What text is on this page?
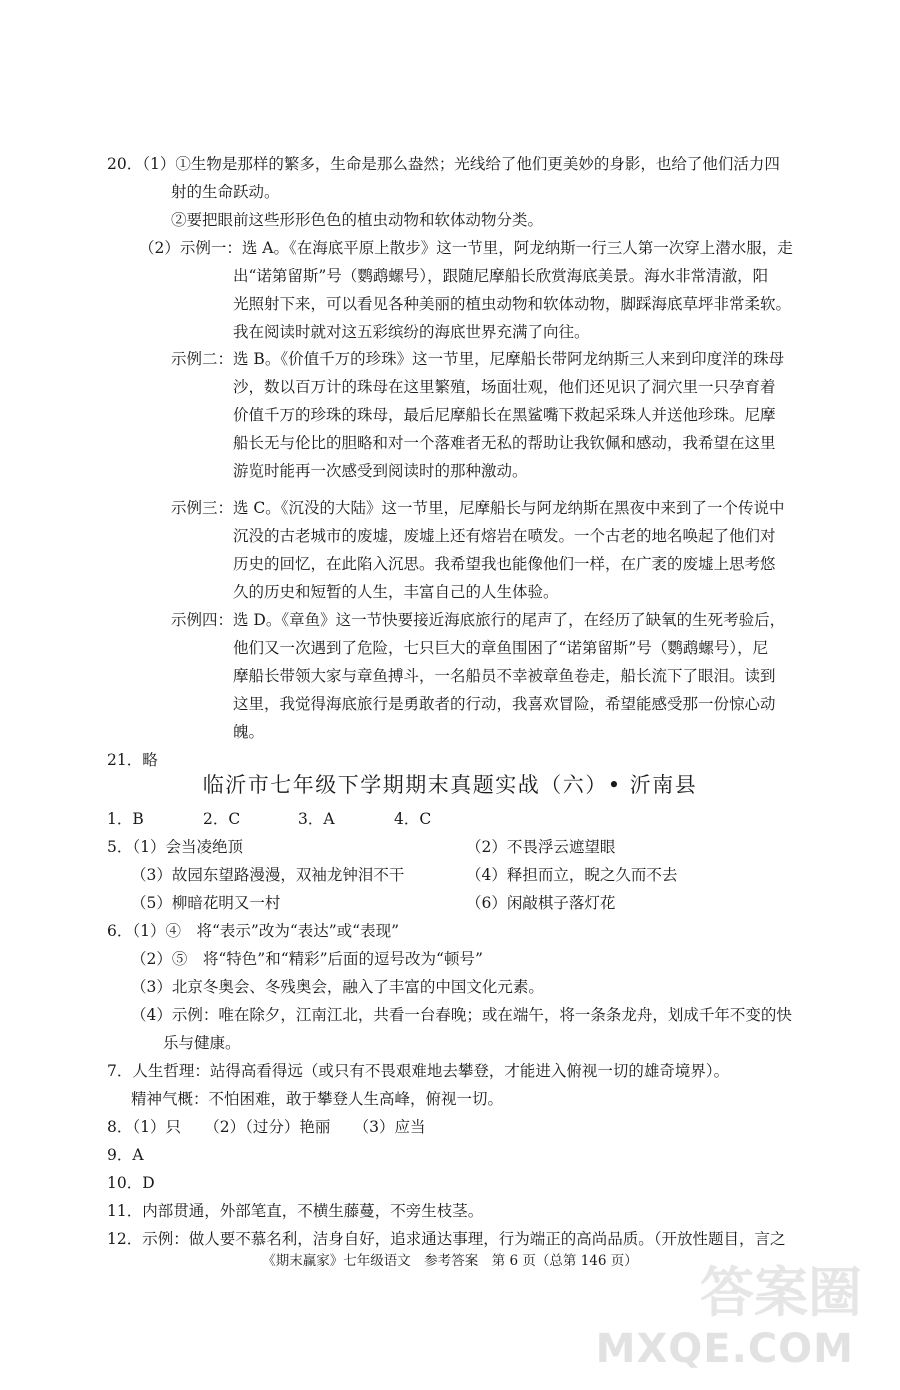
20．（1）①生物是那样的繁多，生命是那么盎然；光线给了他们更美妙的身影，也给了他们活力四
射的生命跃动。
②要把眼前这些形形色色的植虫动物和软体动物分类。
（2）示例一：选 A。《在海底平原上散步》这一节里，阿龙纳斯一行三人第一次穿上潜水服，走
出“诺第留斯”号（鹦鹉螺号），跟随尼摩船长欣赏海底美景。海水非常清澈，阳
光照射下来，可以看见各种美丽的植虫动物和软体动物，脚踩海底草坪非常柔软。
我在阅读时就对这五彩缤纷的海底世界充满了向往。
示例二：选 B。《价值千万的珍珠》这一节里，尼摩船长带阿龙纳斯三人来到印度洋的珠母
沙，数以百万计的珠母在这里繁殖，场面壮观，他们还见识了洞穴里一只孕育着
价值千万的珍珠的珠母，最后尼摩船长在黑鲨嘴下救起采珠人并送他珍珠。尼摩
船长无与伦比的胆略和对一个落难者无私的帮助让我钦佩和感动，我希望在这里
游览时能再一次感受到阅读时的那种激动。
示例三：选 C。《沉没的大陆》这一节里，尼摩船长与阿龙纳斯在黑夜中来到了一个传说中
沉没的古老城市的废墟，废墟上还有熔岩在喷发。一个古老的地名唤起了他们对
历史的回忆，在此陷入沉思。我希望我也能像他们一样，在广袤的废墟上思考悠
久的历史和短暂的人生，丰富自己的人生体验。
示例四：选 D。《章鱼》这一节快要接近海底旅行的尾声了，在经历了缺氧的生死考验后，
他们又一次遇到了危险，七只巨大的章鱼围困了“诺第留斯”号（鹦鹉螺号），尼
摩船长带领大家与章鱼搏斗，一名船员不幸被章鱼卷走，船长流下了眼泪。读到
这里，我觉得海底旅行是勇敢者的行动，我喜欢冒险，希望能感受那一份惊心动
魄。
21．略
临沂市七年级下学期期末真题实战（六）• 沂南县
1．B	2．C	3．A	4．C
5．（1）会当凌绝顶	（2）不畏浮云遮望眼
（3）故园东望路漫漫，双袖龙钟泪不干	（4）释担而立，睨之久而不去
（5）柳暗花明又一村	（6）闲敲棋子落灯花
6．（1）④　将“表示”改为“表达”或“表现”
（2）⑤　将“特色”和“精彩”后面的逗号改为“顿号”
（3）北京冬奥会、冬残奥会，融入了丰富的中国文化元素。
（4）示例：唯在除夕，江南江北，共看一台春晚；或在端午，将一条条龙舟，划成千年不变的快
乐与健康。
7．人生哲理：站得高看得远（或只有不畏艰难地去攀登，才能进入俯视一切的雄奇境界）。
精神气概：不怕困难，敢于攀登人生高峰，俯视一切。
8．（1）只　　（2）（过分）艳丽　　（3）应当
9．A
10．D
11．内部贯通，外部笔直，不横生藤蔓，不旁生枝茎。
12．示例：做人要不慕名利，洁身自好，追求通达事理，行为端正的高尚品质。（开放性题目，言之
《期末赢家》七年级语文　参考答案　第 6 页（总第 146 页）	答案圈
MXQE.COM
